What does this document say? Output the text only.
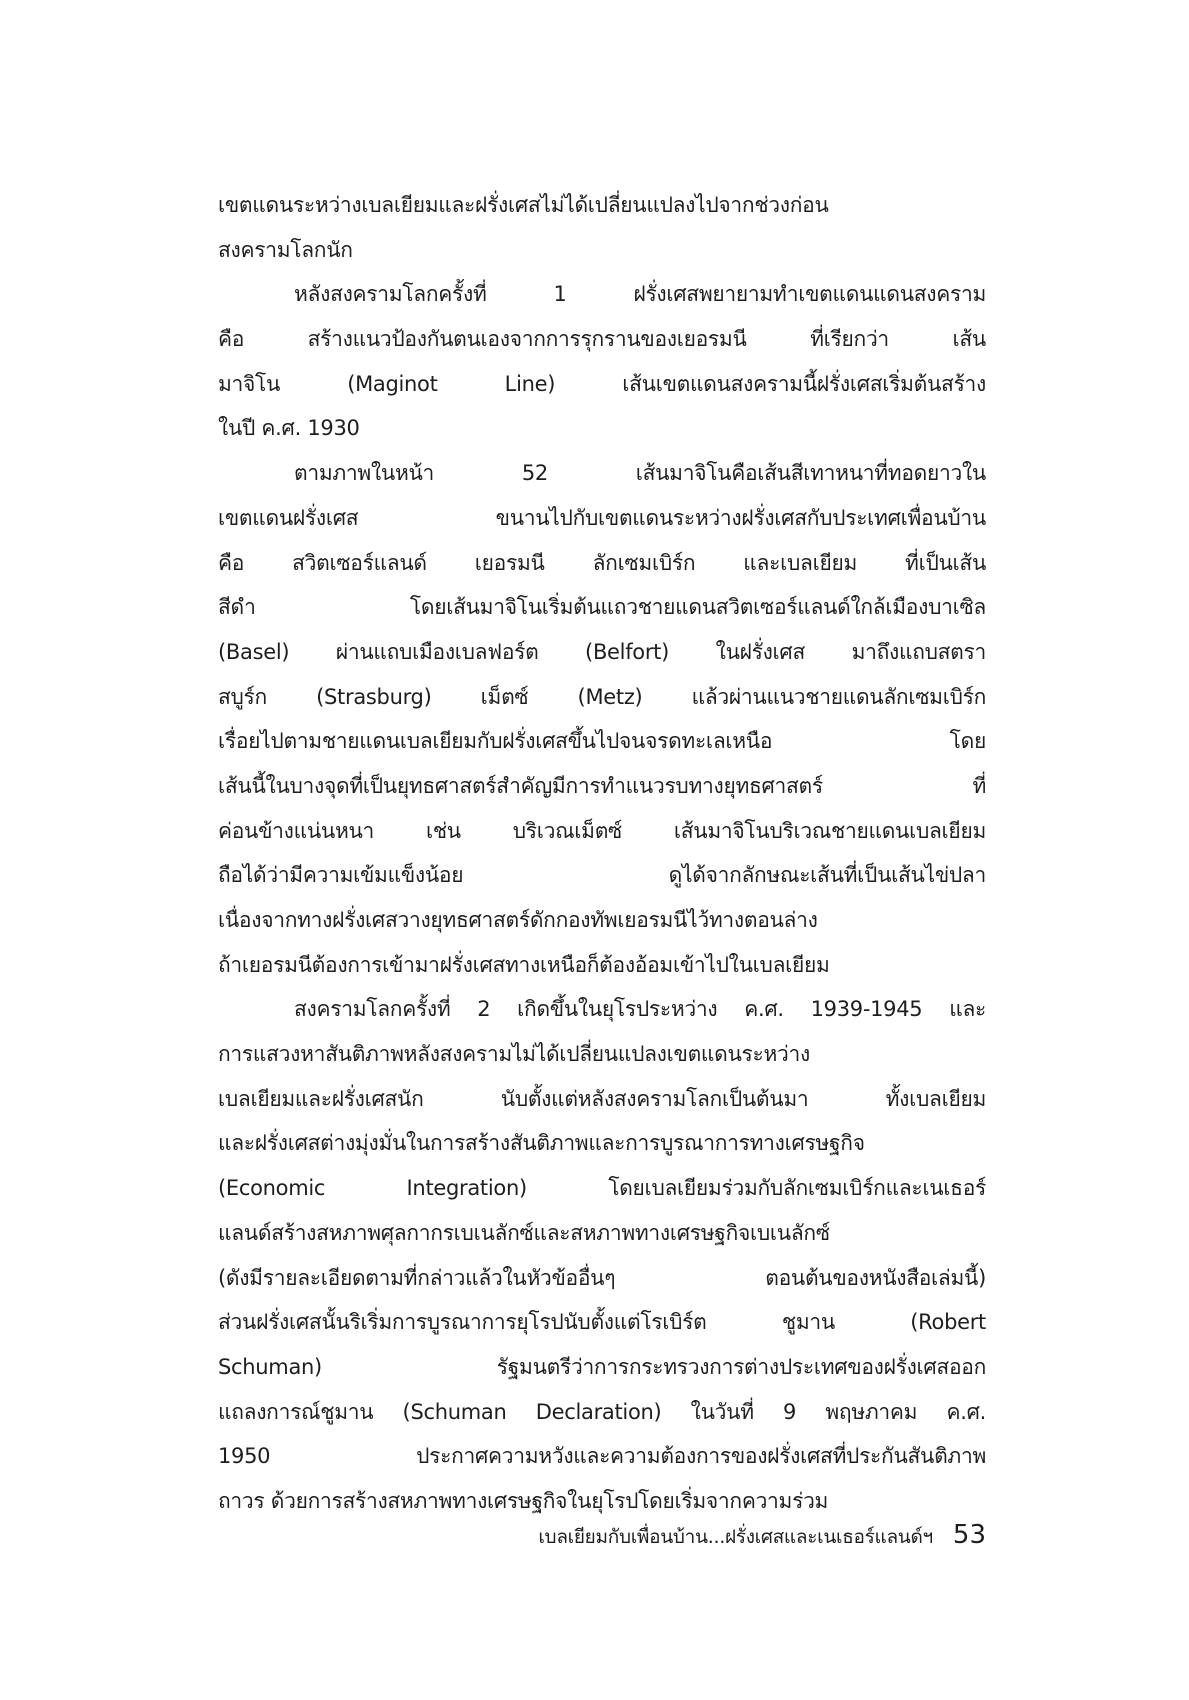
เขตแดนระหว่างเบลเยียมและฝรั่งเศสไม่ได้เปลี่ยนแปลงไปจากช่วงก่อน
สงครามโลกนัก
หลังสงครามโลกครั้งที่ 1 ฝรั่งเศสพยายามทำเขตแดนแดนสงคราม
คือ สร้างแนวป้องกันตนเองจากการรุกรานของเยอรมนี ที่เรียกว่า เส้น
มาจิโน (Maginot Line) เส้นเขตแดนสงครามนี้ฝรั่งเศสเริ่มต้นสร้าง
ในปี ค.ศ. 1930
ตามภาพในหน้า 52 เส้นมาจิโนคือเส้นสีเทาหนาที่ทอดยาวใน
เขตแดนฝรั่งเศส ขนานไปกับเขตแดนระหว่างฝรั่งเศสกับประเทศเพื่อนบ้าน
คือ สวิตเซอร์แลนด์ เยอรมนี ลักเซมเบิร์ก และเบลเยียม ที่เป็นเส้น
สีดำ โดยเส้นมาจิโนเริ่มต้นแถวชายแดนสวิตเซอร์แลนด์ใกล้เมืองบาเซิล
(Basel) ผ่านแถบเมืองเบลฟอร์ต (Belfort) ในฝรั่งเศส มาถึงแถบสตรา
สบูร์ก (Strasburg) เม็ตซ์ (Metz) แล้วผ่านแนวชายแดนลักเซมเบิร์ก
เรื่อยไปตามชายแดนเบลเยียมกับฝรั่งเศสขึ้นไปจนจรดทะเลเหนือ โดย
เส้นนี้ในบางจุดที่เป็นยุทธศาสตร์สำคัญมีการทำแนวรบทางยุทธศาสตร์ ที่
ค่อนข้างแน่นหนา เช่น บริเวณเม็ตซ์ เส้นมาจิโนบริเวณชายแดนเบลเยียม
ถือได้ว่ามีความเข้มแข็งน้อย ดูได้จากลักษณะเส้นที่เป็นเส้นไข่ปลา
เนื่องจากทางฝรั่งเศสวางยุทธศาสตร์ดักกองทัพเยอรมนีไว้ทางตอนล่าง
ถ้าเยอรมนีต้องการเข้ามาฝรั่งเศสทางเหนือก็ต้องอ้อมเข้าไปในเบลเยียม
สงครามโลกครั้งที่ 2 เกิดขึ้นในยุโรประหว่าง ค.ศ. 1939-1945 และ
การแสวงหาสันติภาพหลังสงครามไม่ได้เปลี่ยนแปลงเขตแดนระหว่าง
เบลเยียมและฝรั่งเศสนัก นับตั้งแต่หลังสงครามโลกเป็นต้นมา ทั้งเบลเยียม
และฝรั่งเศสต่างมุ่งมั่นในการสร้างสันติภาพและการบูรณาการทางเศรษฐกิจ
(Economic Integration) โดยเบลเยียมร่วมกับลักเซมเบิร์กและเนเธอร์
แลนด์สร้างสหภาพศุลกากรเบเนลักซ์และสหภาพทางเศรษฐกิจเบเนลักซ์
(ดังมีรายละเอียดตามที่กล่าวแล้วในหัวข้ออื่นๆ ตอนต้นของหนังสือเล่มนี้)
ส่วนฝรั่งเศสนั้นริเริ่มการบูรณาการยุโรปนับตั้งแต่โรเบิร์ต ชูมาน (Robert
Schuman) รัฐมนตรีว่าการกระทรวงการต่างประเทศของฝรั่งเศสออก
แถลงการณ์ชูมาน (Schuman Declaration) ในวันที่ 9 พฤษภาคม ค.ศ.
1950 ประกาศความหวังและความต้องการของฝรั่งเศสที่ประกันสันติภาพ
ถาวร ด้วยการสร้างสหภาพทางเศรษฐกิจในยุโรปโดยเริ่มจากความร่วม
เบลเยียมกับเพื่อนบ้าน...ฝรั่งเศสและเนเธอร์แลนด์ฯ 53
